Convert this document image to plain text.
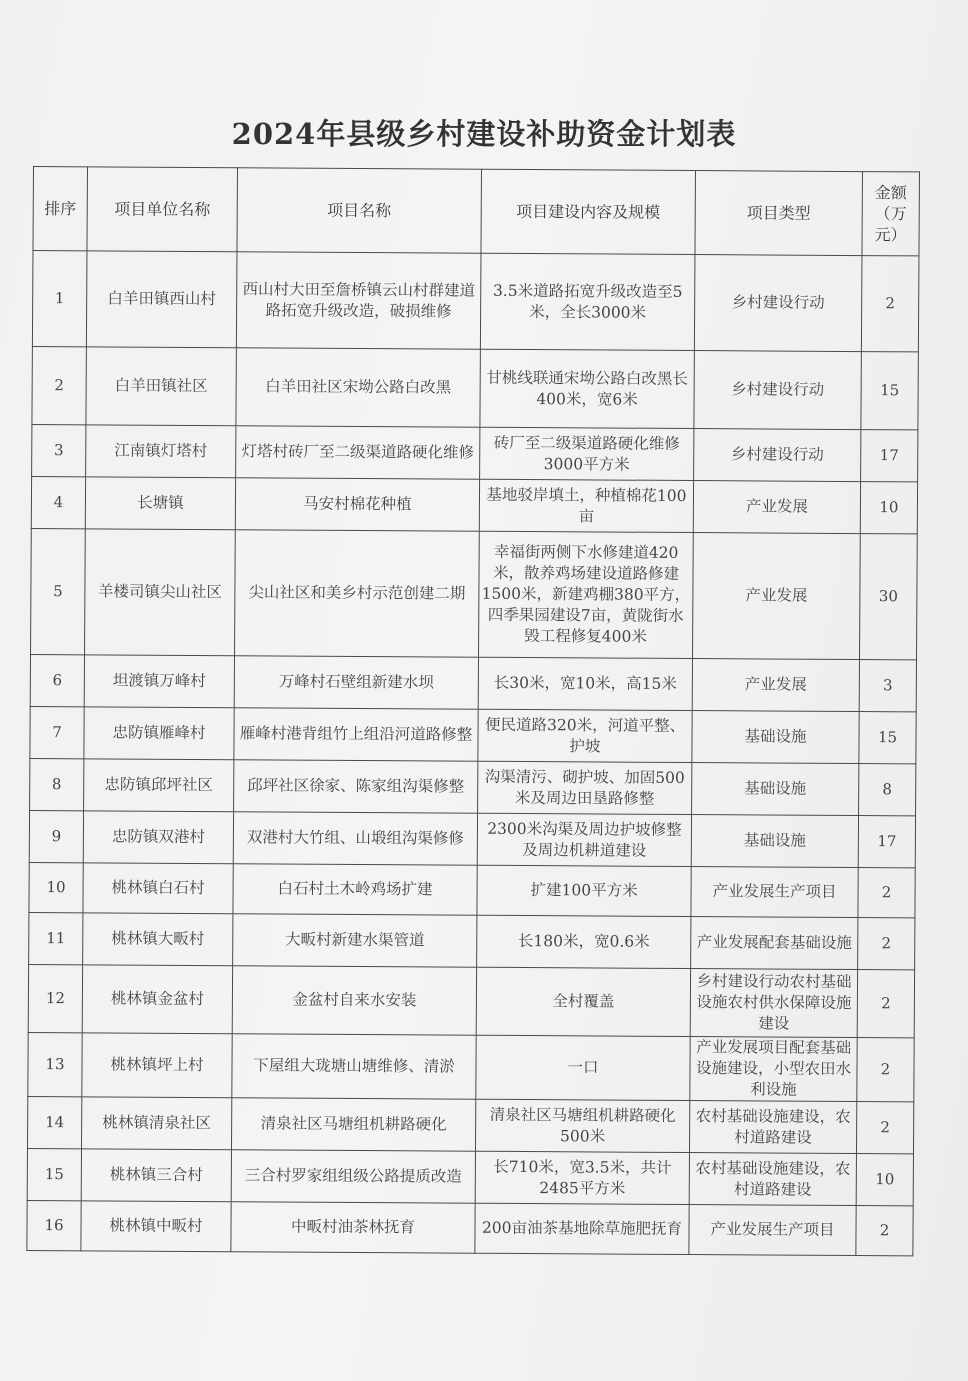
2024年县级乡村建设补助资金计划表
排序	项目单位名称	项目名称	项目建设内容及规模	项目类型	金额（万元）
1	白羊田镇西山村	西山村大田至詹桥镇云山村群建道路拓宽升级改造，破损维修	3.5米道路拓宽升级改造至5米，全长3000米	乡村建设行动	2
2	白羊田镇社区	白羊田社区宋坳公路白改黑	甘桃线联通宋坳公路白改黑长400米，宽6米	乡村建设行动	15
3	江南镇灯塔村	灯塔村砖厂至二级渠道路硬化维修	砖厂至二级渠道路硬化维修3000平方米	乡村建设行动	17
4	长塘镇	马安村棉花种植	基地驳岸填土，种植棉花100亩	产业发展	10
5	羊楼司镇尖山社区	尖山社区和美乡村示范创建二期	幸福街两侧下水修建道420米，散养鸡场建设道路修建1500米，新建鸡棚380平方，四季果园建设7亩，黄陇街水毁工程修复400米	产业发展	30
6	坦渡镇万峰村	万峰村石壁组新建水坝	长30米，宽10米，高15米	产业发展	3
7	忠防镇雁峰村	雁峰村港背组竹上组沿河道路修整	便民道路320米，河道平整、护坡	基础设施	15
8	忠防镇邱坪社区	邱坪社区徐家、陈家组沟渠修整	沟渠清污、砌护坡、加固500米及周边田垦路修整	基础设施	8
9	忠防镇双港村	双港村大竹组、山塅组沟渠修修	2300米沟渠及周边护坡修整及周边机耕道建设	基础设施	17
10	桃林镇白石村	白石村土木岭鸡场扩建	扩建100平方米	产业发展生产项目	2
11	桃林镇大畈村	大畈村新建水渠管道	长180米，宽0.6米	产业发展配套基础设施	2
12	桃林镇金盆村	金盆村自来水安装	全村覆盖	乡村建设行动农村基础设施农村供水保障设施建设	2
13	桃林镇坪上村	下屋组大珑塘山塘维修、清淤	一口	产业发展项目配套基础设施建设，小型农田水利设施	2
14	桃林镇清泉社区	清泉社区马塘组机耕路硬化	清泉社区马塘组机耕路硬化500米	农村基础设施建设，农村道路建设	2
15	桃林镇三合村	三合村罗家组组级公路提质改造	长710米，宽3.5米，共计2485平方米	农村基础设施建设，农村道路建设	10
16	桃林镇中畈村	中畈村油茶林抚育	200亩油茶基地除草施肥抚育	产业发展生产项目	2
